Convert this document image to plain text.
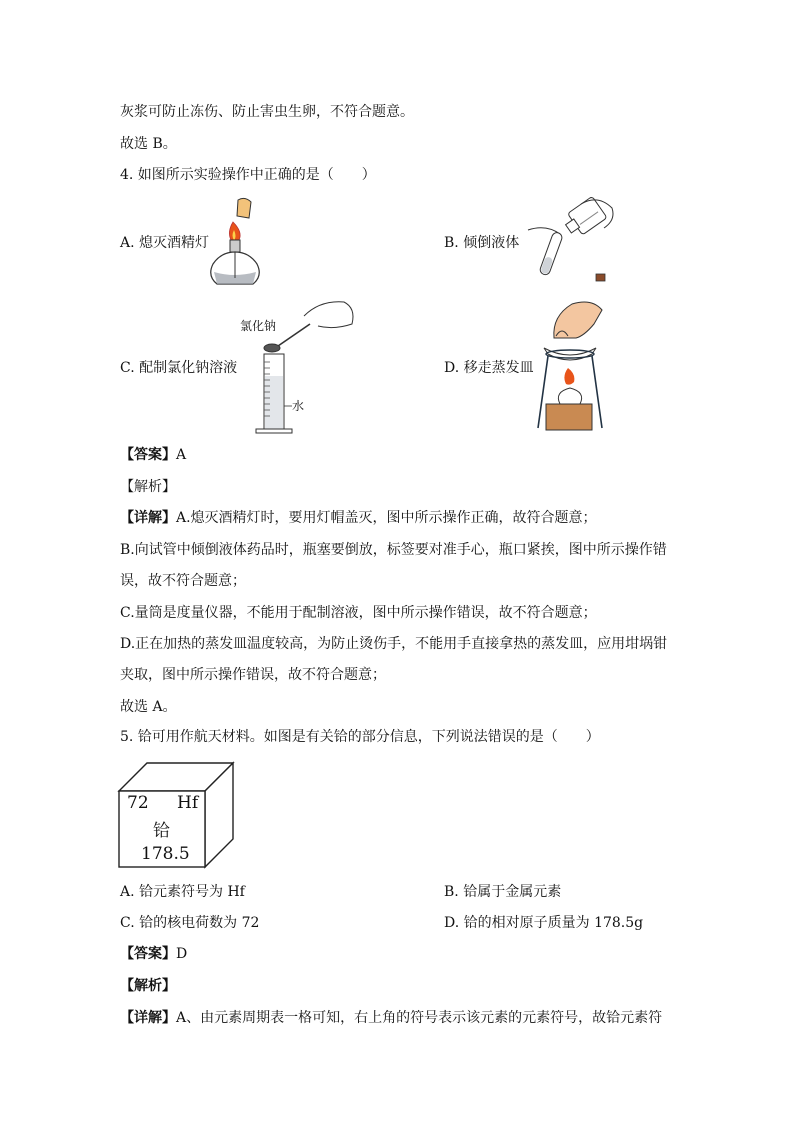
灰浆可防止冻伤、防止害虫生卵，不符合题意。
故选 B。
4. 如图所示实验操作中正确的是（　　）
A. 熄灭酒精灯	B. 倾倒液体
C. 配制氯化钠溶液	D. 移走蒸发皿
氯化钠
水
【答案】A
【解析】
【详解】A.熄灭酒精灯时，要用灯帽盖灭，图中所示操作正确，故符合题意；
B.向试管中倾倒液体药品时，瓶塞要倒放，标签要对准手心，瓶口紧挨，图中所示操作错
误，故不符合题意；
C.量筒是度量仪器，不能用于配制溶液，图中所示操作错误，故不符合题意；
D.正在加热的蒸发皿温度较高，为防止烫伤手，不能用手直接拿热的蒸发皿，应用坩埚钳
夹取，图中所示操作错误，故不符合题意；
故选 A。
5. 铪可用作航天材料。如图是有关铪的部分信息，下列说法错误的是（　　）
72 Hf
铪
178.5
A. 铪元素符号为 Hf	B. 铪属于金属元素
C. 铪的核电荷数为 72	D. 铪的相对原子质量为 178.5g
【答案】D
【解析】
【详解】A、由元素周期表一格可知，右上角的符号表示该元素的元素符号，故铪元素符
